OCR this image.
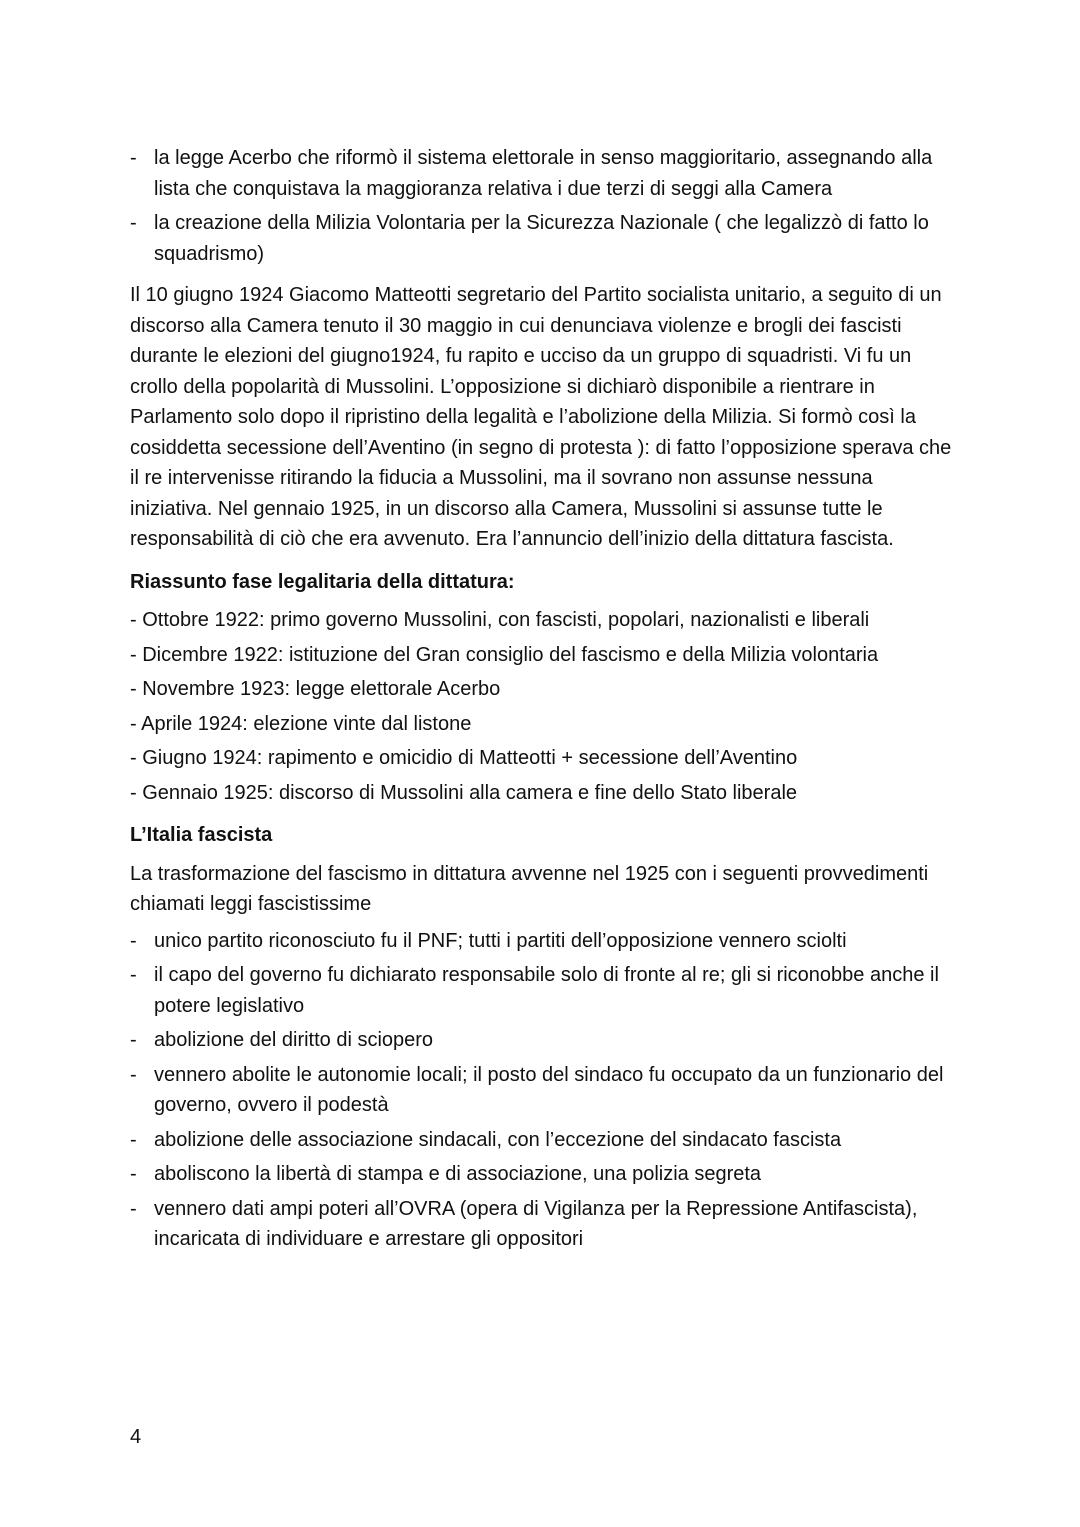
- la legge Acerbo che riformò il sistema elettorale in senso maggioritario, assegnando alla lista che conquistava la maggioranza relativa i due terzi di seggi alla Camera
- la creazione della Milizia Volontaria per la Sicurezza Nazionale ( che legalizzò di fatto lo squadrismo)

Il 10 giugno 1924 Giacomo Matteotti segretario del Partito socialista unitario, a seguito di un discorso alla Camera tenuto il 30 maggio in cui denunciava violenze e brogli dei fascisti durante le elezioni del giugno1924, fu rapito e ucciso da un gruppo di squadristi. Vi fu un crollo della popolarità di Mussolini. L’opposizione si dichiarò disponibile a rientrare in Parlamento solo dopo il ripristino della legalità e l’abolizione della Milizia. Si formò così la cosiddetta secessione dell’Aventino (in segno di protesta ): di fatto l’opposizione sperava che il re intervenisse ritirando la fiducia a Mussolini, ma il sovrano non assunse nessuna iniziativa. Nel gennaio 1925, in un discorso alla Camera, Mussolini si assunse tutte le responsabilità di ciò che era avvenuto. Era l’annuncio dell’inizio della dittatura fascista.

Riassunto fase legalitaria della dittatura:

- Ottobre 1922: primo governo Mussolini, con fascisti, popolari, nazionalisti e liberali
- Dicembre 1922: istituzione del Gran consiglio del fascismo e della Milizia volontaria
- Novembre 1923: legge elettorale Acerbo
- Aprile 1924: elezione vinte dal listone
- Giugno 1924: rapimento e omicidio di Matteotti + secessione dell’Aventino
- Gennaio 1925: discorso di Mussolini alla camera e fine dello Stato liberale

L’Italia fascista

La trasformazione del fascismo in dittatura avvenne nel 1925 con i seguenti provvedimenti chiamati leggi fascistissime

- unico partito riconosciuto fu il PNF; tutti i partiti dell’opposizione vennero sciolti
- il capo del governo fu dichiarato responsabile solo di fronte al re; gli si riconobbe anche il potere legislativo
- abolizione del diritto di sciopero
- vennero abolite le autonomie locali; il posto del sindaco fu occupato da un funzionario del governo, ovvero il podestà
- abolizione delle associazione sindacali, con l’eccezione del sindacato fascista
- aboliscono la libertà di stampa e di associazione, una polizia segreta
- vennero dati ampi poteri all’OVRA (opera di Vigilanza per la Repressione Antifascista), incaricata di individuare e arrestare gli oppositori
4
